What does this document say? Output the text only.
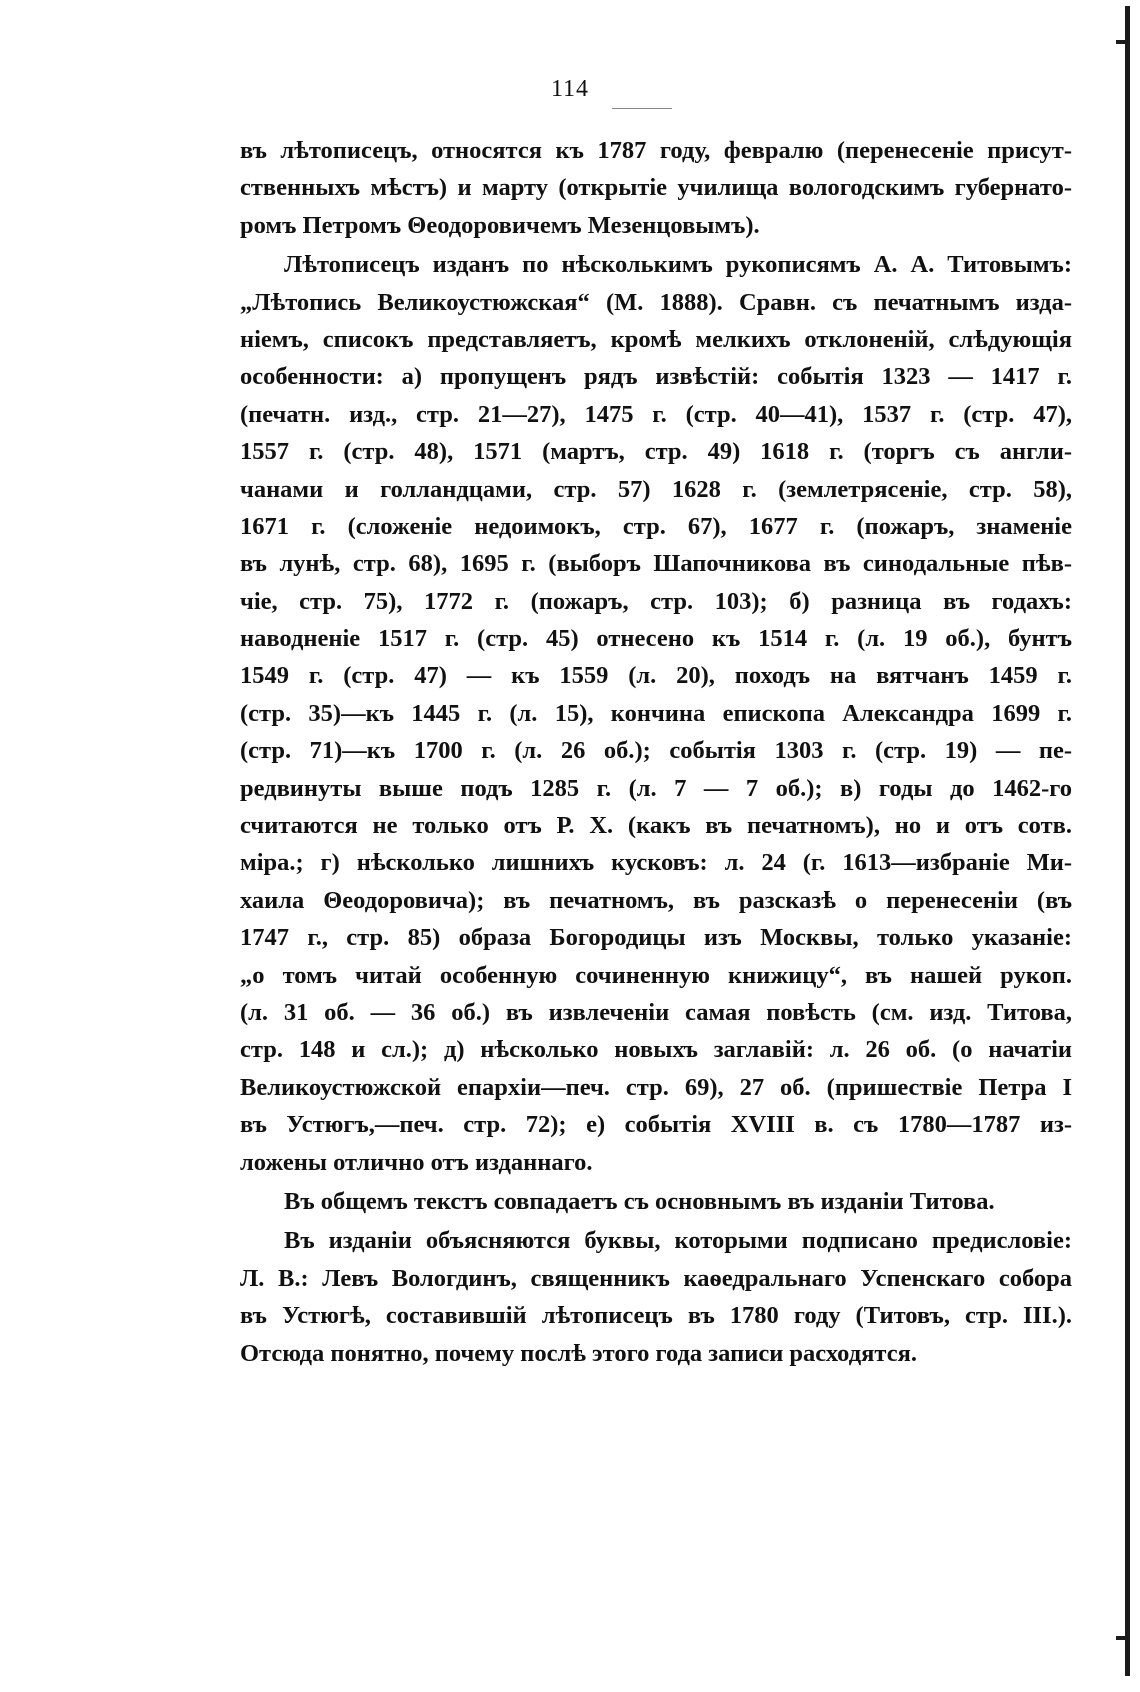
114
въ лѣтописецъ, относятся къ 1787 году, февралю (перенесеніе присут-
ственныхъ мѣстъ) и марту (открытіе училища вологодскимъ губернато-
ромъ Петромъ Θеодоровичемъ Мезенцовымъ).
Лѣтописецъ изданъ по нѣсколькимъ рукописямъ А. А. Титовымъ:
„Лѣтопись Великоустюжская“ (М. 1888). Сравн. съ печатнымъ изда-
ніемъ, списокъ представляетъ, кромѣ мелкихъ отклоненій, слѣдующія
особенности: а) пропущенъ рядъ извѣстій: событія 1323 — 1417 г.
(печатн. изд., стр. 21—27), 1475 г. (стр. 40—41), 1537 г. (стр. 47),
1557 г. (стр. 48), 1571 (мартъ, стр. 49) 1618 г. (торгъ съ англи-
чанами и голландцами, стр. 57) 1628 г. (землетрясеніе, стр. 58),
1671 г. (сложеніе недоимокъ, стр. 67), 1677 г. (пожаръ, знаменіе
въ лунѣ, стр. 68), 1695 г. (выборъ Шапочникова въ синодальные пѣв-
чіе, стр. 75), 1772 г. (пожаръ, стр. 103); б) разница въ годахъ:
наводненіе 1517 г. (стр. 45) отнесено къ 1514 г. (л. 19 об.), бунтъ
1549 г. (стр. 47) — къ 1559 (л. 20), походъ на вятчанъ 1459 г.
(стр. 35)—къ 1445 г. (л. 15), кончина епископа Александра 1699 г.
(стр. 71)—къ 1700 г. (л. 26 об.); событія 1303 г. (стр. 19) — пе-
редвинуты выше подъ 1285 г. (л. 7 — 7 об.); в) годы до 1462-го
считаются не только отъ Р. Х. (какъ въ печатномъ), но и отъ сотв.
міра.; г) нѣсколько лишнихъ кусковъ: л. 24 (г. 1613—избраніе Ми-
хаила Θеодоровича); въ печатномъ, въ разсказѣ о перенесеніи (въ
1747 г., стр. 85) образа Богородицы изъ Москвы, только указаніе:
„о томъ читай особенную сочиненную книжицу“, въ нашей рукоп.
(л. 31 об. — 36 об.) въ извлеченіи самая повѣсть (см. изд. Титова,
стр. 148 и сл.); д) нѣсколько новыхъ заглавій: л. 26 об. (о начатіи
Великоустюжской епархіи—печ. стр. 69), 27 об. (пришествіе Петра I
въ Устюгъ,—печ. стр. 72); е) событія XVIII в. съ 1780—1787 из-
ложены отлично отъ изданнаго.
Въ общемъ текстъ совпадаетъ съ основнымъ въ изданіи Титова.
Въ изданіи объясняются буквы, которыми подписано предисловіе:
Л. В.: Левъ Вологдинъ, священникъ каѳедральнаго Успенскаго собора
въ Устюгѣ, составившій лѣтописецъ въ 1780 году (Титовъ, стр. III.).
Отсюда понятно, почему послѣ этого года записи расходятся.
